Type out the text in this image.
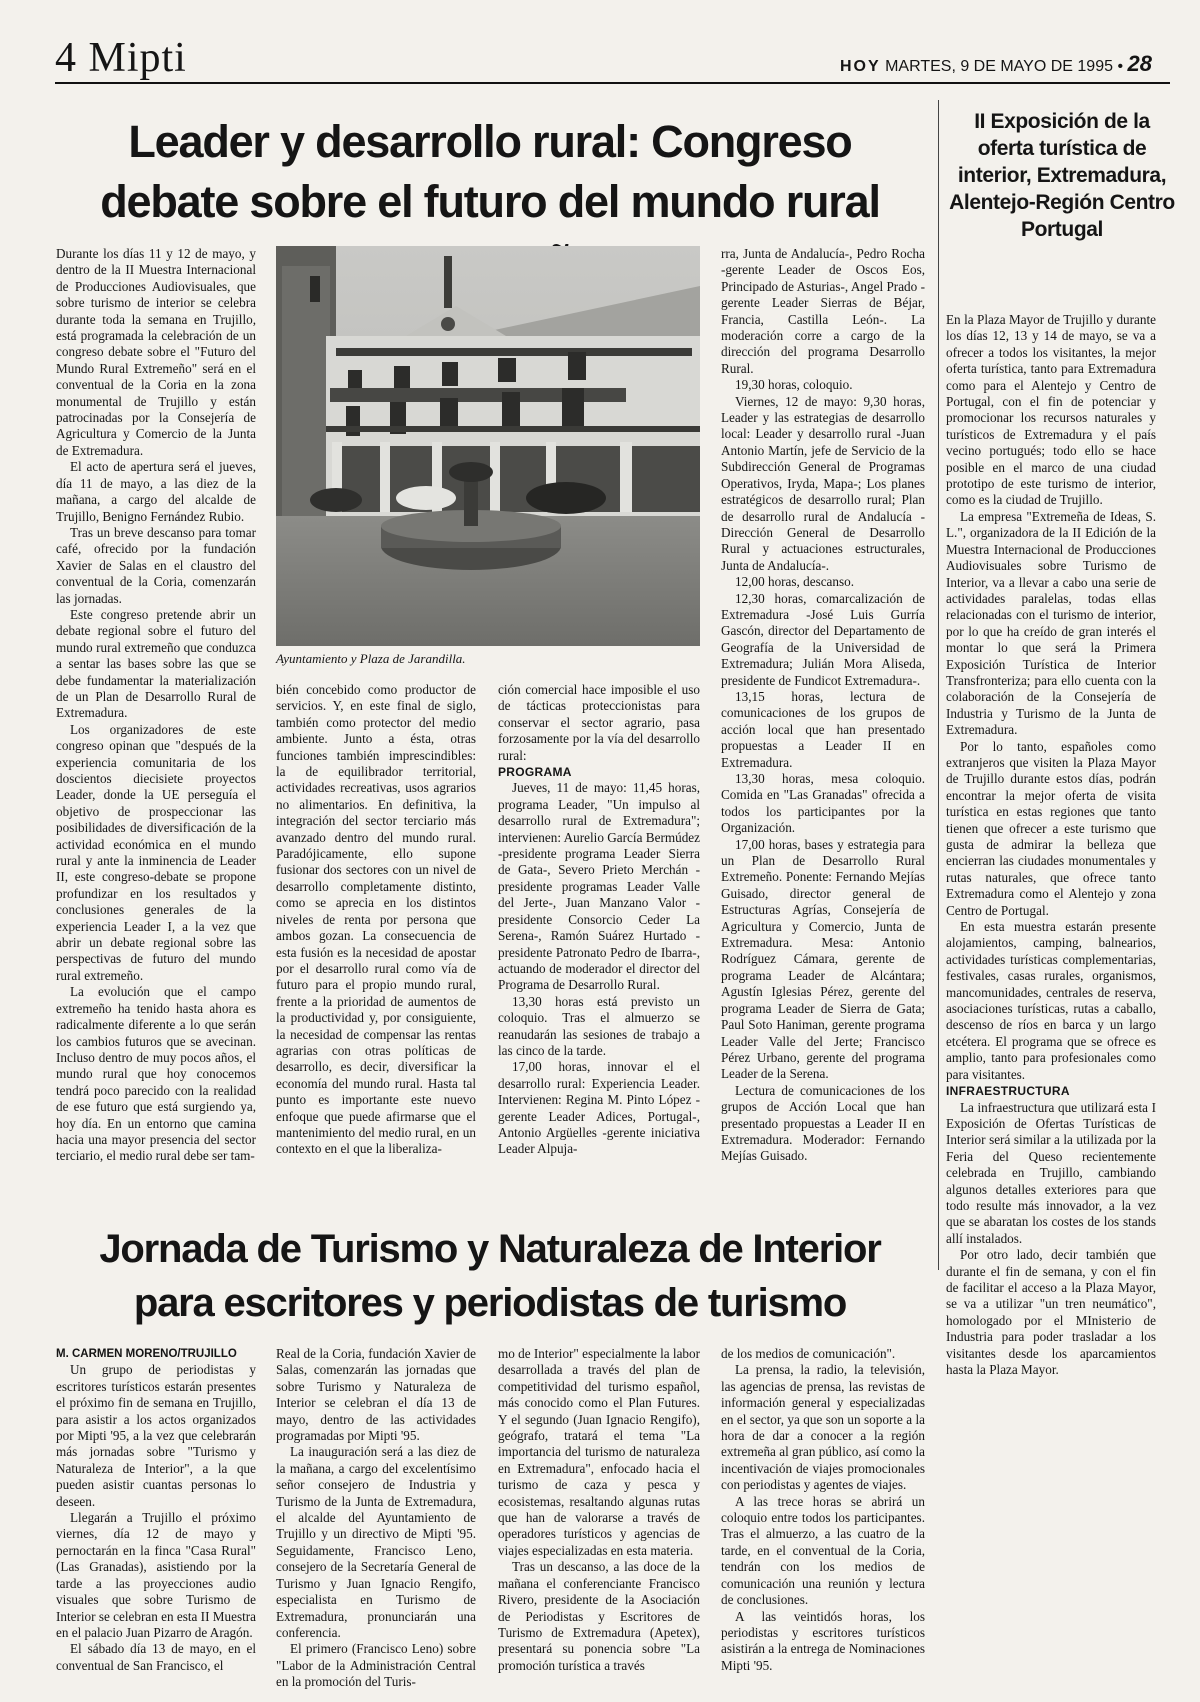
4 Mipti	HOY MARTES, 9 DE MAYO DE 1995 • 28
Leader y desarrollo rural: Congreso debate sobre el futuro del mundo rural

Durante los días 11 y 12 de mayo, y dentro de la II Muestra Internacional de Producciones Audiovisuales, que sobre turismo de interior se celebra durante toda la semana en Trujillo, está programada la celebración de un congreso debate sobre el "Futuro del Mundo Rural Extremeño" será en el conventual de la Coria en la zona monumental de Trujillo y están patrocinadas por la Consejería de Agricultura y Comercio de la Junta de Extremadura.

El acto de apertura será el jueves, día 11 de mayo, a las diez de la mañana, a cargo del alcalde de Trujillo, Benigno Fernández Rubio.

Tras un breve descanso para tomar café, ofrecido por la fundación Xavier de Salas en el claustro del conventual de la Coria, comenzarán las jornadas.

Este congreso pretende abrir un debate regional sobre el futuro del mundo rural extremeño que conduzca a sentar las bases sobre las que se debe fundamentar la materialización de un Plan de Desarrollo Rural de Extremadura.

Los organizadores de este congreso opinan que "después de la experiencia comunitaria de los doscientos diecisiete proyectos Leader, donde la UE perseguía el objetivo de prospeccionar las posibilidades de diversificación de la actividad económica en el mundo rural y ante la inminencia de Leader II, este congreso-debate se propone profundizar en los resultados y conclusiones generales de la experiencia Leader I, a la vez que abrir un debate regional sobre las perspectivas de futuro del mundo rural extremeño.

La evolución que el campo extremeño ha tenido hasta ahora es radicalmente diferente a lo que serán los cambios futuros que se avecinan. Incluso dentro de muy pocos años, el mundo rural que hoy conocemos tendrá poco parecido con la realidad de ese futuro que está surgiendo ya, hoy día. En un entorno que camina hacia una mayor presencia del sector terciario, el medio rural debe ser tam-

Ayuntamiento y Plaza de Jarandilla.

bién concebido como productor de servicios. Y, en este final de siglo, también como protector del medio ambiente. Junto a ésta, otras funciones también imprescindibles: la de equilibrador territorial, actividades recreativas, usos agrarios no alimentarios. En definitiva, la integración del sector terciario más avanzado dentro del mundo rural. Paradójicamente, ello supone fusionar dos sectores con un nivel de desarrollo completamente distinto, como se aprecia en los distintos niveles de renta por persona que ambos gozan. La consecuencia de esta fusión es la necesidad de apostar por el desarrollo rural como vía de futuro para el propio mundo rural, frente a la prioridad de aumentos de la productividad y, por consiguiente, la necesidad de compensar las rentas agrarias con otras políticas de desarrollo, es decir, diversificar la economía del mundo rural. Hasta tal punto es importante este nuevo enfoque que puede afirmarse que el mantenimiento del medio rural, en un contexto en el que la liberaliza-

ción comercial hace imposible el uso de tácticas proteccionistas para conservar el sector agrario, pasa forzosamente por la vía del desarrollo rural:

PROGRAMA

Jueves, 11 de mayo: 11,45 horas, programa Leader, "Un impulso al desarrollo rural de Extremadura"; intervienen: Aurelio García Bermúdez -presidente programa Leader Sierra de Gata-, Severo Prieto Merchán -presidente programas Leader Valle del Jerte-, Juan Manzano Valor -presidente Consorcio Ceder La Serena-, Ramón Suárez Hurtado -presidente Patronato Pedro de Ibarra-, actuando de moderador el director del Programa de Desarrollo Rural.

13,30 horas está previsto un coloquio. Tras el almuerzo se reanudarán las sesiones de trabajo a las cinco de la tarde.

17,00 horas, innovar el el desarrollo rural: Experiencia Leader. Intervienen: Regina M. Pinto López -gerente Leader Adices, Portugal-, Antonio Argüelles -gerente iniciativa Leader Alpuja-

rra, Junta de Andalucía-, Pedro Rocha -gerente Leader de Oscos Eos, Principado de Asturias-, Angel Prado -gerente Leader Sierras de Béjar, Francia, Castilla León-. La moderación corre a cargo de la dirección del programa Desarrollo Rural.

19,30 horas, coloquio.

Viernes, 12 de mayo: 9,30 horas, Leader y las estrategias de desarrollo local: Leader y desarrollo rural -Juan Antonio Martín, jefe de Servicio de la Subdirección General de Programas Operativos, Iryda, Mapa-; Los planes estratégicos de desarrollo rural; Plan de desarrollo rural de Andalucía -Dirección General de Desarrollo Rural y actuaciones estructurales, Junta de Andalucía-.

12,00 horas, descanso.

12,30 horas, comarcalización de Extremadura -José Luis Gurría Gascón, director del Departamento de Geografía de la Universidad de Extremadura; Julián Mora Aliseda, presidente de Fundicot Extremadura-.

13,15 horas, lectura de comunicaciones de los grupos de acción local que han presentado propuestas a Leader II en Extremadura.

13,30 horas, mesa coloquio. Comida en "Las Granadas" ofrecida a todos los participantes por la Organización.

17,00 horas, bases y estrategia para un Plan de Desarrollo Rural Extremeño. Ponente: Fernando Mejías Guisado, director general de Estructuras Agrías, Consejería de Agricultura y Comercio, Junta de Extremadura. Mesa: Antonio Rodríguez Cámara, gerente de programa Leader de Alcántara; Agustín Iglesias Pérez, gerente del programa Leader de Sierra de Gata; Paul Soto Haniman, gerente programa Leader Valle del Jerte; Francisco Pérez Urbano, gerente del programa Leader de la Serena.

Lectura de comunicaciones de los grupos de Acción Local que han presentado propuestas a Leader II en Extremadura. Moderador: Fernando Mejías Guisado.

II Exposición de la oferta turística de interior, Extremadura, Alentejo-Región Centro Portugal

En la Plaza Mayor de Trujillo y durante los días 12, 13 y 14 de mayo, se va a ofrecer a todos los visitantes, la mejor oferta turística, tanto para Extremadura como para el Alentejo y Centro de Portugal, con el fin de potenciar y promocionar los recursos naturales y turísticos de Extremadura y el país vecino portugués; todo ello se hace posible en el marco de una ciudad prototipo de este turismo de interior, como es la ciudad de Trujillo.

La empresa "Extremeña de Ideas, S. L.", organizadora de la II Edición de la Muestra Internacional de Producciones Audiovisuales sobre Turismo de Interior, va a llevar a cabo una serie de actividades paralelas, todas ellas relacionadas con el turismo de interior, por lo que ha creído de gran interés el montar lo que será la Primera Exposición Turística de Interior Transfronteriza; para ello cuenta con la colaboración de la Consejería de Industria y Turismo de la Junta de Extremadura.

Por lo tanto, españoles como extranjeros que visiten la Plaza Mayor de Trujillo durante estos días, podrán encontrar la mejor oferta de visita turística en estas regiones que tanto tienen que ofrecer a este turismo que gusta de admirar la belleza que encierran las ciudades monumentales y rutas naturales, que ofrece tanto Extremadura como el Alentejo y zona Centro de Portugal.

En esta muestra estarán presente alojamientos, camping, balnearios, actividades turísticas complementarias, festivales, casas rurales, organismos, mancomunidades, centrales de reserva, asociaciones turísticas, rutas a caballo, descenso de ríos en barca y un largo etcétera. El programa que se ofrece es amplio, tanto para profesionales como para visitantes.

INFRAESTRUCTURA

La infraestructura que utilizará esta I Exposición de Ofertas Turísticas de Interior será similar a la utilizada por la Feria del Queso recientemente celebrada en Trujillo, cambiando algunos detalles exteriores para que todo resulte más innovador, a la vez que se abaratan los costes de los stands allí instalados.

Por otro lado, decir también que durante el fin de semana, y con el fin de facilitar el acceso a la Plaza Mayor, se va a utilizar "un tren neumático", homologado por el MInisterio de Industria para poder trasladar a los visitantes desde los aparcamientos hasta la Plaza Mayor.

Jornada de Turismo y Naturaleza de Interior para escritores y periodistas de turismo

M. CARMEN MORENO/TRUJILLO

Un grupo de periodistas y escritores turísticos estarán presentes el próximo fin de semana en Trujillo, para asistir a los actos organizados por Mipti '95, a la vez que celebrarán más jornadas sobre "Turismo y Naturaleza de Interior", a la que pueden asistir cuantas personas lo deseen.

Llegarán a Trujillo el próximo viernes, día 12 de mayo y pernoctarán en la finca "Casa Rural" (Las Granadas), asistiendo por la tarde a las proyecciones audio visuales que sobre Turismo de Interior se celebran en esta II Muestra en el palacio Juan Pizarro de Aragón.

El sábado día 13 de mayo, en el conventual de San Francisco, el

Real de la Coria, fundación Xavier de Salas, comenzarán las jornadas que sobre Turismo y Naturaleza de Interior se celebran el día 13 de mayo, dentro de las actividades programadas por Mipti '95.

La inauguración será a las diez de la mañana, a cargo del excelentísimo señor consejero de Industria y Turismo de la Junta de Extremadura, el alcalde del Ayuntamiento de Trujillo y un directivo de Mipti '95. Seguidamente, Francisco Leno, consejero de la Secretaría General de Turismo y Juan Ignacio Rengifo, especialista en Turismo de Extremadura, pronunciarán una conferencia.

El primero (Francisco Leno) sobre "Labor de la Administración Central en la promoción del Turis-

mo de Interior" especialmente la labor desarrollada a través del plan de competitividad del turismo español, más conocido como el Plan Futures. Y el segundo (Juan Ignacio Rengifo), geógrafo, tratará el tema "La importancia del turismo de naturaleza en Extremadura", enfocado hacia el turismo de caza y pesca y ecosistemas, resaltando algunas rutas que han de valorarse a través de operadores turísticos y agencias de viajes especializadas en esta materia.

Tras un descanso, a las doce de la mañana el conferenciante Francisco Rivero, presidente de la Asociación de Periodistas y Escritores de Turismo de Extremadura (Apetex), presentará su ponencia sobre "La promoción turística a través

de los medios de comunicación".

La prensa, la radio, la televisión, las agencias de prensa, las revistas de información general y especializadas en el sector, ya que son un soporte a la hora de dar a conocer a la región extremeña al gran público, así como la incentivación de viajes promocionales con periodistas y agentes de viajes.

A las trece horas se abrirá un coloquio entre todos los participantes. Tras el almuerzo, a las cuatro de la tarde, en el conventual de la Coria, tendrán con los medios de comunicación una reunión y lectura de conclusiones.

A las veintidós horas, los periodistas y escritores turísticos asistirán a la entrega de Nominaciones Mipti '95.
